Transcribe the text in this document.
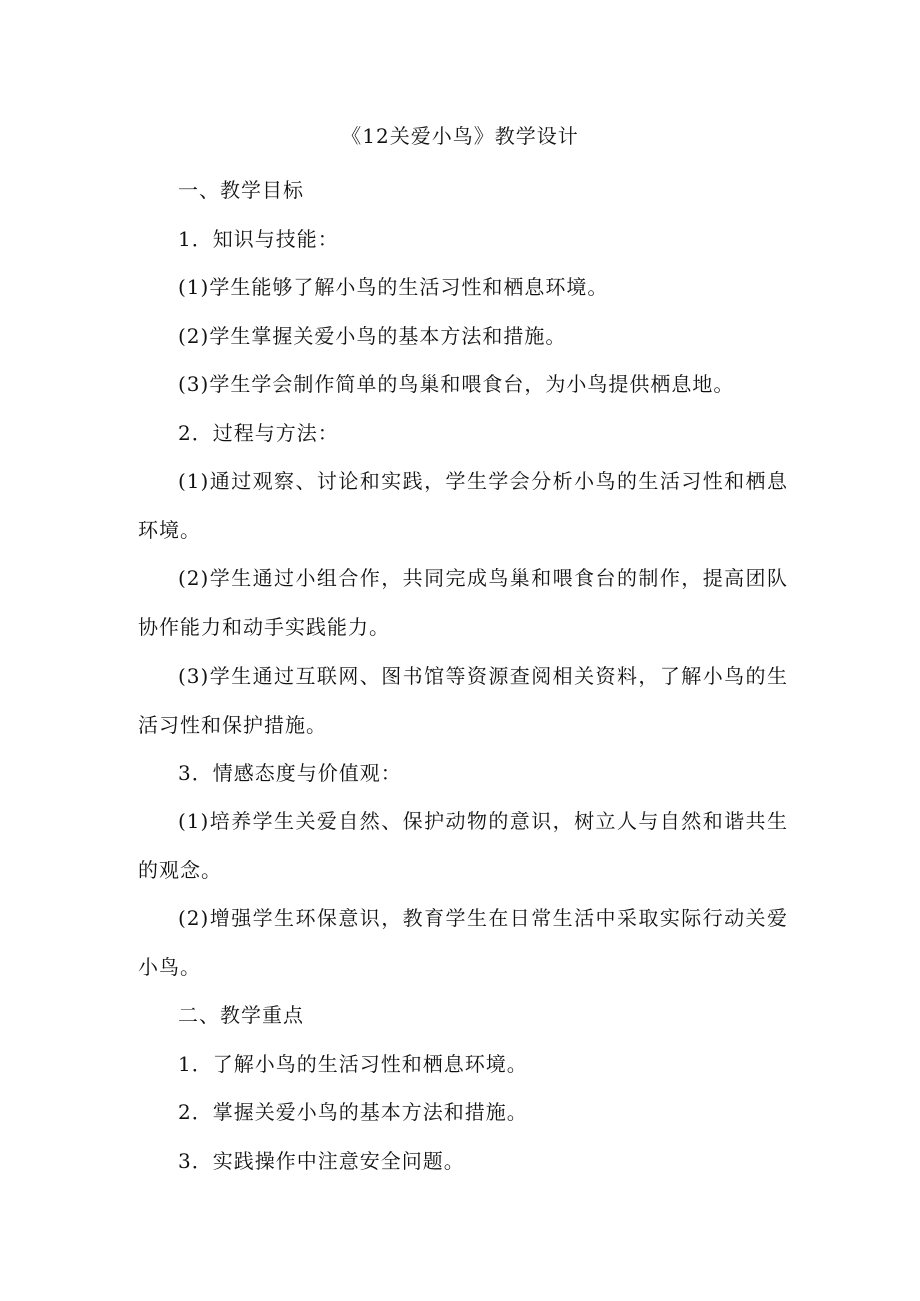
《12关爱小鸟》教学设计

一、教学目标

1．知识与技能：

(1)学生能够了解小鸟的生活习性和栖息环境。

(2)学生掌握关爱小鸟的基本方法和措施。

(3)学生学会制作简单的鸟巢和喂食台，为小鸟提供栖息地。

2．过程与方法：

(1)通过观察、讨论和实践，学生学会分析小鸟的生活习性和栖息环境。

(2)学生通过小组合作，共同完成鸟巢和喂食台的制作，提高团队协作能力和动手实践能力。

(3)学生通过互联网、图书馆等资源查阅相关资料，了解小鸟的生活习性和保护措施。

3．情感态度与价值观：

(1)培养学生关爱自然、保护动物的意识，树立人与自然和谐共生的观念。

(2)增强学生环保意识，教育学生在日常生活中采取实际行动关爱小鸟。

二、教学重点

1．了解小鸟的生活习性和栖息环境。

2．掌握关爱小鸟的基本方法和措施。

3．实践操作中注意安全问题。
